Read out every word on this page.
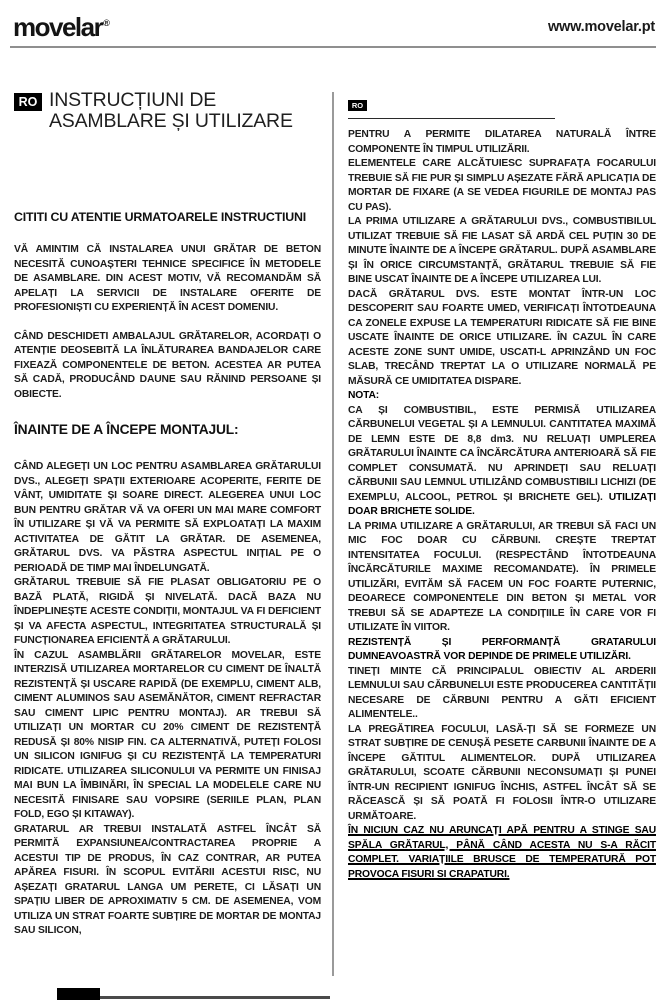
movelar®	www.movelar.pt
RO INSTRUCȚIUNI DE ASAMBLARE ȘI UTILIZARE
CITITI CU ATENTIE URMATOARELE INSTRUCTIUNI

VĂ AMINTIM CĂ INSTALAREA UNUI GRĂTAR DE BETON NECESITĂ CUNOAȘTERI TEHNICE SPECIFICE ÎN METODELE DE ASAMBLARE. DIN ACEST MOTIV, VĂ RECOMANDĂM SĂ APELAȚI LA SERVICII DE INSTALARE OFERITE DE PROFESIONIȘTI CU EXPERIENȚĂ ÎN ACEST DOMENIU.

CÂND DESCHIDETI AMBALAJUL GRĂTARELOR, ACORDAȚI O ATENȚIE DEOSEBITĂ LA ÎNLĂTURAREA BANDAJELOR CARE FIXEAZĂ COMPONENTELE DE BETON. ACESTEA AR PUTEA SĂ CADĂ, PRODUCÂND DAUNE SAU RĂNIND PERSOANE ȘI OBIECTE.

ÎNAINTE DE A ÎNCEPE MONTAJUL:

CÂND ALEGEȚI UN LOC PENTRU ASAMBLAREA GRĂTARULUI DVS., ALEGEȚI SPAȚII EXTERIOARE ACOPERITE, FERITE DE VÂNT, UMIDITATE ȘI SOARE DIRECT. ALEGEREA UNUI LOC BUN PENTRU GRĂTAR VĂ VA OFERI UN MAI MARE COMFORT ÎN UTILIZARE ȘI VĂ VA PERMITE SĂ EXPLOATAȚI LA MAXIM ACTIVITATEA DE GĂTIT LA GRĂTAR. DE ASEMENEA, GRĂTARUL DVS. VA PĂSTRA ASPECTUL INIȚIAL PE O PERIOADĂ DE TIMP MAI ÎNDELUNGATĂ.

GRĂTARUL TREBUIE SĂ FIE PLASAT OBLIGATORIU PE O BAZĂ PLATĂ, RIGIDĂ ȘI NIVELATĂ. DACĂ BAZA NU ÎNDEPLINEȘTE ACESTE CONDIȚII, MONTAJUL VA FI DEFICIENT ȘI VA AFECTA ASPECTUL, INTEGRITATEA STRUCTURALĂ ȘI FUNCȚIONAREA EFICIENTĂ A GRĂTARULUI.

ÎN CAZUL ASAMBLĂRII GRĂTARELOR MOVELAR, ESTE INTERZISĂ UTILIZAREA MORTARELOR CU CIMENT DE ÎNALTĂ REZISTENȚĂ ȘI USCARE RAPIDĂ (DE EXEMPLU, CIMENT ALB, CIMENT ALUMINOS SAU ASEMĂNĂTOR, CIMENT REFRACTAR SAU CIMENT LIPIC PENTRU MONTAJ). AR TREBUI SĂ UTILIZAȚI UN MORTAR CU 20% CIMENT DE REZISTENȚĂ REDUSĂ ȘI 80% NISIP FIN. CA ALTERNATIVĂ, PUTEȚI FOLOSI UN SILICON IGNIFUG ȘI CU REZISTENȚĂ LA TEMPERATURI RIDICATE. UTILIZAREA SILICONULUI VA PERMITE UN FINISAJ MAI BUN LA ÎMBINĂRI, ÎN SPECIAL LA MODELELE CARE NU NECESITĂ FINISARE SAU VOPSIRE (SERIILE PLAN, PLAN FOLD, EGO ȘI KITAWAY).

GRATARUL AR TREBUI INSTALATĂ ASTFEL ÎNCÂT SĂ PERMITĂ EXPANSIUNEA/CONTRACTAREA PROPRIE A ACESTUI TIP DE PRODUS, ÎN CAZ CONTRAR, AR PUTEA APĂREA FISURI. ÎN SCOPUL EVITĂRII ACESTUI RISC, NU AȘEZAȚI GRATARUL LANGA UM PERETE, CI LĂSAȚI UN SPAȚIU LIBER DE APROXIMATIV 5 CM. DE ASEMENEA, VOM UTILIZA UN STRAT FOARTE SUBȚIRE DE MORTAR DE MONTAJ SAU SILICON,

RO

PENTRU A PERMITE DILATAREA NATURALĂ ÎNTRE COMPONENTE ÎN TIMPUL UTILIZĂRII.

ELEMENTELE CARE ALCĂTUIESC SUPRAFAȚA FOCARULUI TREBUIE SĂ FIE PUR ȘI SIMPLU AȘEZATE FĂRĂ APLICAȚIA DE MORTAR DE FIXARE (A SE VEDEA FIGURILE DE MONTAJ PAS CU PAS).

LA PRIMA UTILIZARE A GRĂTARULUI DVS., COMBUSTIBILUL UTILIZAT TREBUIE SĂ FIE LASAT SĂ ARDĂ CEL PUȚIN 30 DE MINUTE ÎNAINTE DE A ÎNCEPE GRĂTARUL. DUPĂ ASAMBLARE ȘI ÎN ORICE CIRCUMSTANȚĂ, GRĂTARUL TREBUIE SĂ FIE BINE USCAT ÎNAINTE DE A ÎNCEPE UTILIZAREA LUI.

DACĂ GRĂTARUL DVS. ESTE MONTAT ÎNTR-UN LOC DESCOPERIT SAU FOARTE UMED, VERIFICAȚI ÎNTOTDEAUNA CA ZONELE EXPUSE LA TEMPERATURI RIDICATE SĂ FIE BINE USCATE ÎNAINTE DE ORICE UTILIZARE. ÎN CAZUL ÎN CARE ACESTE ZONE SUNT UMIDE, USCATI-L APRINZÂND UN FOC SLAB, TRECÂND TREPTAT LA O UTILIZARE NORMALĂ PE MĂSURĂ CE UMIDITATEA DISPARE.

NOTA:

CA ȘI COMBUSTIBIL, ESTE PERMISĂ UTILIZAREA CĂRBUNELUI VEGETAL ȘI A LEMNULUI. CANTITATEA MAXIMĂ DE LEMN ESTE DE 8,8 dm3. NU RELUAȚI UMPLEREA GRĂTARULUI ÎNAINTE CA ÎNCĂRCĂTURA ANTERIOARĂ SĂ FIE COMPLET CONSUMATĂ. NU APRINDEȚI SAU RELUAȚI CĂRBUNII SAU LEMNUL UTILIZÂND COMBUSTIBILI LICHIZI (DE EXEMPLU, ALCOOL, PETROL ȘI BRICHETE GEL). UTILIZAȚI DOAR BRICHETE SOLIDE.

LA PRIMA UTILIZARE A GRĂTARULUI, AR TREBUI SĂ FACI UN MIC FOC DOAR CU CĂRBUNI. CREȘTE TREPTAT INTENSITATEA FOCULUI. (RESPECTÂND ÎNTOTDEAUNA ÎNCĂRCĂTURILE MAXIME RECOMANDATE). ÎN PRIMELE UTILIZĂRI, EVITĂM SĂ FACEM UN FOC FOARTE PUTERNIC, DEOARECE COMPONENTELE DIN BETON ȘI METAL VOR TREBUI SĂ SE ADAPTEZE LA CONDIȚIILE ÎN CARE VOR FI UTILIZATE ÎN VIITOR.

REZISTENȚĂ ȘI PERFORMANȚĂ GRATARULUI DUMNEAVOASTRĂ VOR DEPINDE DE PRIMELE UTILIZĂRI.

TINEȚI MINTE CĂ PRINCIPALUL OBIECTIV AL ARDERII LEMNULUI SAU CĂRBUNELUI ESTE PRODUCEREA CANTITĂȚII NECESARE DE CĂRBUNI PENTRU A GĂTI EFICIENT ALIMENTELE..

LA PREGĂTIREA FOCULUI, LASĂ-ȚI SĂ SE FORMEZE UN STRAT SUBȚIRE DE CENUȘĂ PESETE CARBUNII ÎNAINTE DE A ÎNCEPE GĂTITUL ALIMENTELOR. DUPĂ UTILIZAREA GRĂTARULUI, SCOATE CĂRBUNII NECONSUMAȚI ȘI PUNEI ÎNTR-UN RECIPIENT IGNIFUG ÎNCHIS, ASTFEL ÎNCÂT SĂ SE RĂCEASCĂ ȘI SĂ POATĂ FI FOLOSII ÎNTR-O UTILIZARE URMĂTOARE.

ÎN NICIUN CAZ NU ARUNCAȚI APĂ PENTRU A STINGE SAU SPĂLA GRĂTARUL, PÂNĂ CÂND ACESTA NU S-A RĂCIT COMPLET. VARIAȚIILE BRUSCE DE TEMPERATURĂ POT PROVOCA FISURI SI CRAPATURI.
